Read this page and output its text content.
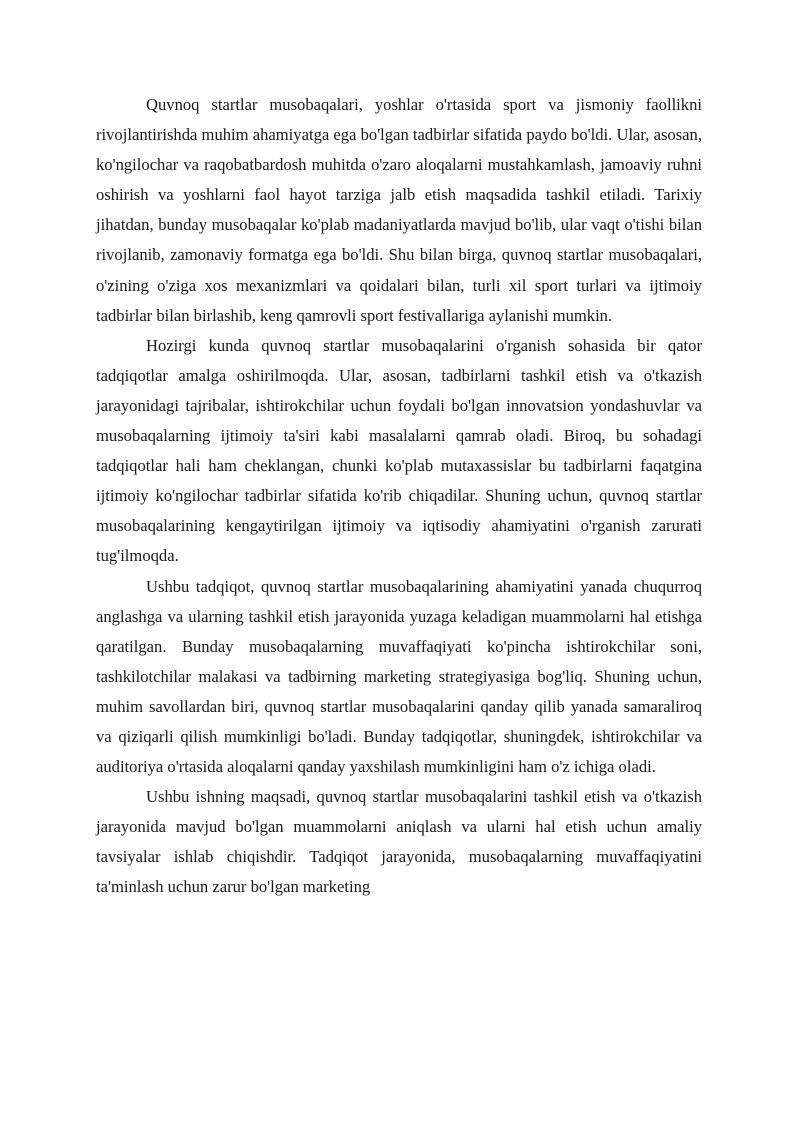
Quvnoq startlar musobaqalari, yoshlar o'rtasida sport va jismoniy faollikni rivojlantirishda muhim ahamiyatga ega bo'lgan tadbirlar sifatida paydo bo'ldi. Ular, asosan, ko'ngilochar va raqobatbardosh muhitda o'zaro aloqalarni mustahkamlash, jamoaviy ruhni oshirish va yoshlarni faol hayot tarziga jalb etish maqsadida tashkil etiladi. Tarixiy jihatdan, bunday musobaqalar ko'plab madaniyatlarda mavjud bo'lib, ular vaqt o'tishi bilan rivojlanib, zamonaviy formatga ega bo'ldi. Shu bilan birga, quvnoq startlar musobaqalari, o'zining o'ziga xos mexanizmlari va qoidalari bilan, turli xil sport turlari va ijtimoiy tadbirlar bilan birlashib, keng qamrovli sport festivallariga aylanishi mumkin.

Hozirgi kunda quvnoq startlar musobaqalarini o'rganish sohasida bir qator tadqiqotlar amalga oshirilmoqda. Ular, asosan, tadbirlarni tashkil etish va o'tkazish jarayonidagi tajribalar, ishtirokchilar uchun foydali bo'lgan innovatsion yondashuvlar va musobaqalarning ijtimoiy ta'siri kabi masalalarni qamrab oladi. Biroq, bu sohadagi tadqiqotlar hali ham cheklangan, chunki ko'plab mutaxassislar bu tadbirlarni faqatgina ijtimoiy ko'ngilochar tadbirlar sifatida ko'rib chiqadilar. Shuning uchun, quvnoq startlar musobaqalarining kengaytirilgan ijtimoiy va iqtisodiy ahamiyatini o'rganish zarurati tug'ilmoqda.

Ushbu tadqiqot, quvnoq startlar musobaqalarining ahamiyatini yanada chuqurroq anglashga va ularning tashkil etish jarayonida yuzaga keladigan muammolarni hal etishga qaratilgan. Bunday musobaqalarning muvaffaqiyati ko'pincha ishtirokchilar soni, tashkilotchilar malakasi va tadbirning marketing strategiyasiga bog'liq. Shuning uchun, muhim savollardan biri, quvnoq startlar musobaqalarini qanday qilib yanada samaraliroq va qiziqarli qilish mumkinligi bo'ladi. Bunday tadqiqotlar, shuningdek, ishtirokchilar va auditoriya o'rtasida aloqalarni qanday yaxshilash mumkinligini ham o'z ichiga oladi.

Ushbu ishning maqsadi, quvnoq startlar musobaqalarini tashkil etish va o'tkazish jarayonida mavjud bo'lgan muammolarni aniqlash va ularni hal etish uchun amaliy tavsiyalar ishlab chiqishdir. Tadqiqot jarayonida, musobaqalarning muvaffaqiyatini ta'minlash uchun zarur bo'lgan marketing
